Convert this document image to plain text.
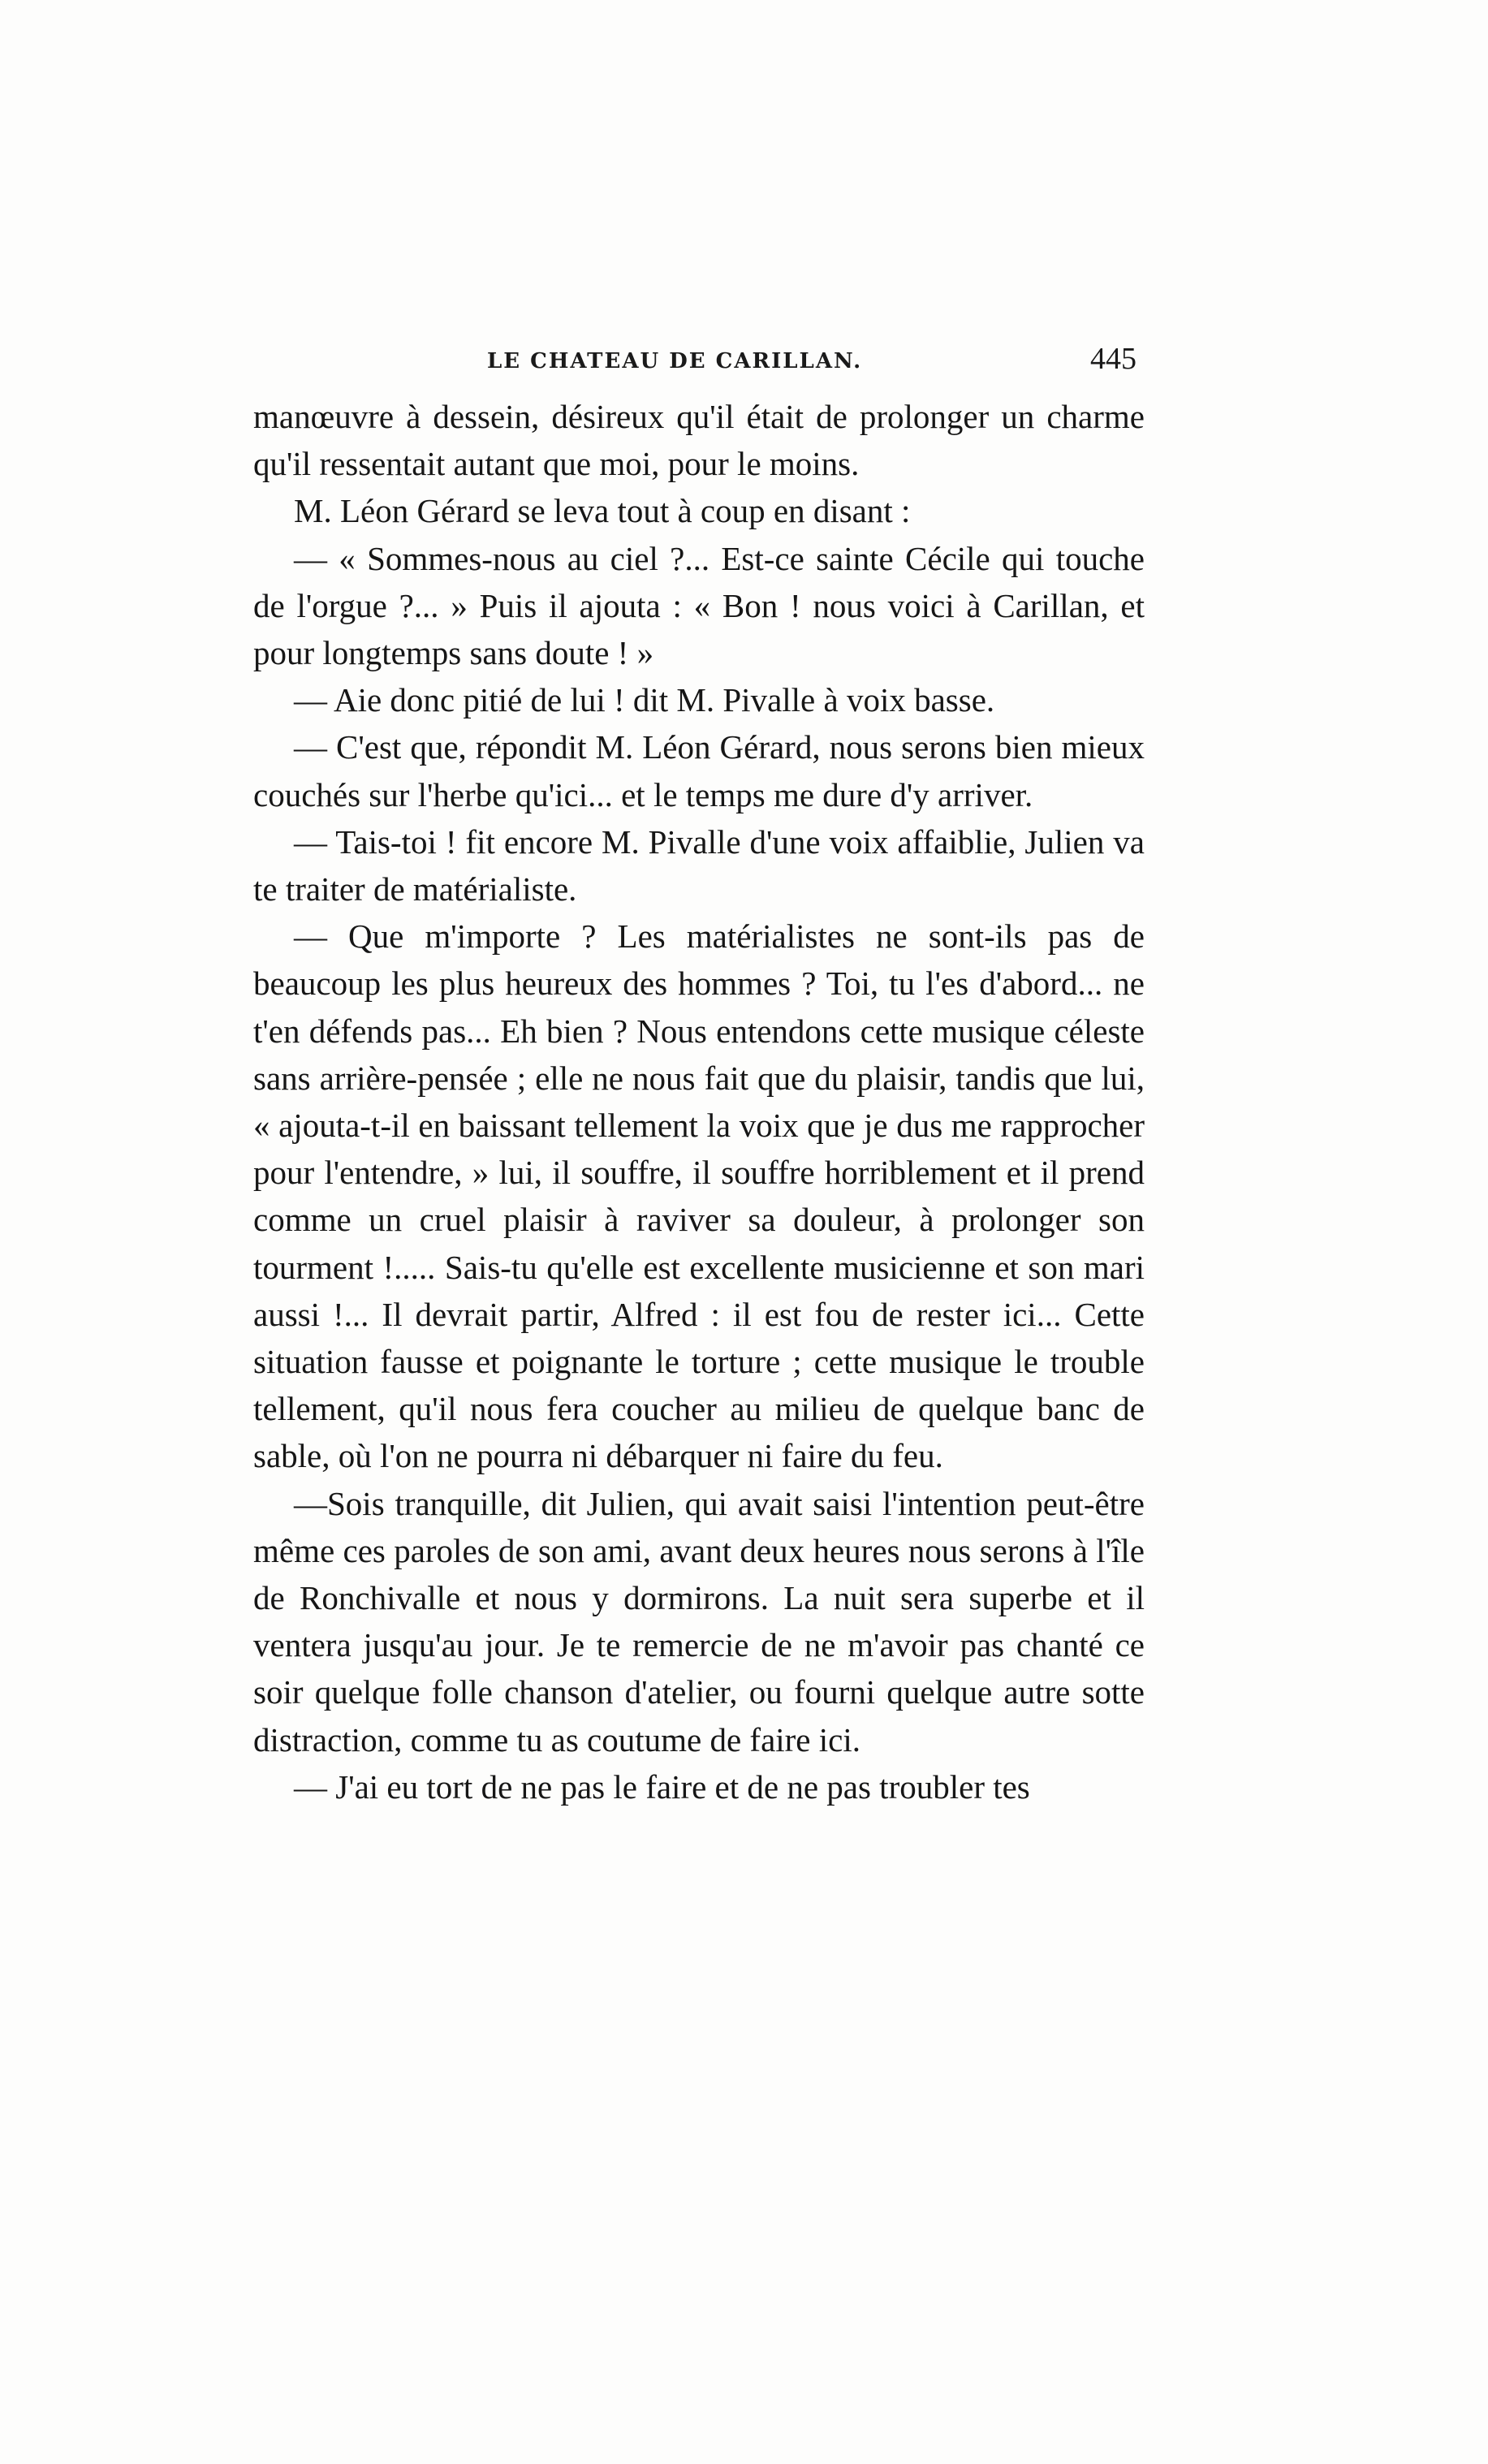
LE CHATEAU DE CARILLAN.	445

manœuvre à dessein, désireux qu'il était de prolonger un charme qu'il ressentait autant que moi, pour le moins.

M. Léon Gérard se leva tout à coup en disant :

— « Sommes-nous au ciel ?... Est-ce sainte Cécile qui touche de l'orgue ?... » Puis il ajouta : « Bon ! nous voici à Carillan, et pour longtemps sans doute ! »

— Aie donc pitié de lui ! dit M. Pivalle à voix basse.

— C'est que, répondit M. Léon Gérard, nous serons bien mieux couchés sur l'herbe qu'ici... et le temps me dure d'y arriver.

— Tais-toi ! fit encore M. Pivalle d'une voix affaiblie, Julien va te traiter de matérialiste.

— Que m'importe ? Les matérialistes ne sont-ils pas de beaucoup les plus heureux des hommes ? Toi, tu l'es d'abord... ne t'en défends pas... Eh bien ? Nous entendons cette musique céleste sans arrière-pensée ; elle ne nous fait que du plaisir, tandis que lui, « ajouta-t-il en baissant tellement la voix que je dus me rapprocher pour l'entendre, » lui, il souffre, il souffre horriblement et il prend comme un cruel plaisir à raviver sa douleur, à prolonger son tourment !..... Sais-tu qu'elle est excellente musicienne et son mari aussi !... Il devrait partir, Alfred : il est fou de rester ici... Cette situation fausse et poignante le torture ; cette musique le trouble tellement, qu'il nous fera coucher au milieu de quelque banc de sable, où l'on ne pourra ni débarquer ni faire du feu.

—Sois tranquille, dit Julien, qui avait saisi l'intention peut-être même ces paroles de son ami, avant deux heures nous serons à l'île de Ronchivalle et nous y dormirons. La nuit sera superbe et il ventera jusqu'au jour. Je te remercie de ne m'avoir pas chanté ce soir quelque folle chanson d'atelier, ou fourni quelque autre sotte distraction, comme tu as coutume de faire ici.

— J'ai eu tort de ne pas le faire et de ne pas troubler tes
